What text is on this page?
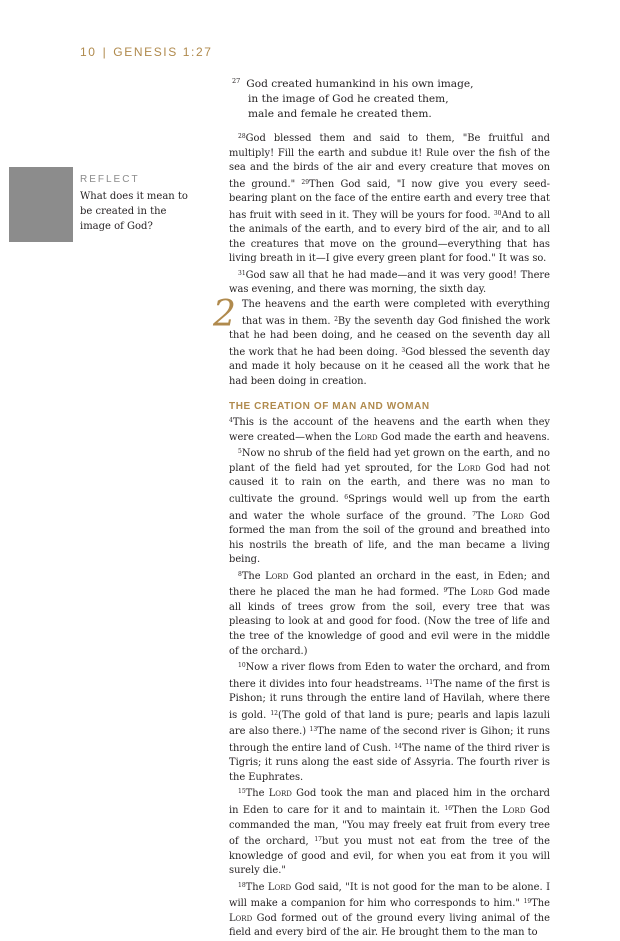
10 | GENESIS 1:27
$^{27}$ God created humankind in his own image,
in the image of God he created them,
male and female he created them.
REFLECT
What does it mean to be created in the image of God?

$^{28}$God blessed them and said to them, "Be fruitful and multiply! Fill the earth and subdue it! Rule over the fish of the sea and the birds of the air and every creature that moves on the ground." $^{29}$Then God said, "I now give you every seed-bearing plant on the face of the entire earth and every tree that has fruit with seed in it. They will be yours for food. $^{30}$And to all the animals of the earth, and to every bird of the air, and to all the creatures that move on the ground—everything that has living breath in it—I give every green plant for food." It was so.

$^{31}$God saw all that he had made—and it was very good! There was evening, and there was morning, the sixth day.

2 The heavens and the earth were completed with everything that was in them. $^2$By the seventh day God finished the work that he had been doing, and he ceased on the seventh day all the work that he had been doing. $^3$God blessed the seventh day and made it holy because on it he ceased all the work that he had been doing in creation.

THE CREATION OF MAN AND WOMAN

$^4$This is the account of the heavens and the earth when they were created—when the Lord God made the earth and heavens.

$^5$Now no shrub of the field had yet grown on the earth, and no plant of the field had yet sprouted, for the Lord God had not caused it to rain on the earth, and there was no man to cultivate the ground. $^6$Springs would well up from the earth and water the whole surface of the ground. $^7$The Lord God formed the man from the soil of the ground and breathed into his nostrils the breath of life, and the man became a living being.

$^8$The Lord God planted an orchard in the east, in Eden; and there he placed the man he had formed. $^9$The Lord God made all kinds of trees grow from the soil, every tree that was pleasing to look at and good for food. (Now the tree of life and the tree of the knowledge of good and evil were in the middle of the orchard.)

$^{10}$Now a river flows from Eden to water the orchard, and from there it divides into four headstreams. $^{11}$The name of the first is Pishon; it runs through the entire land of Havilah, where there is gold. $^{12}$(The gold of that land is pure; pearls and lapis lazuli are also there.) $^{13}$The name of the second river is Gihon; it runs through the entire land of Cush. $^{14}$The name of the third river is Tigris; it runs along the east side of Assyria. The fourth river is the Euphrates.

$^{15}$The Lord God took the man and placed him in the orchard in Eden to care for it and to maintain it. $^{16}$Then the Lord God commanded the man, "You may freely eat fruit from every tree of the orchard, $^{17}$but you must not eat from the tree of the knowledge of good and evil, for when you eat from it you will surely die."

$^{18}$The Lord God said, "It is not good for the man to be alone. I will make a companion for him who corresponds to him." $^{19}$The Lord God formed out of the ground every living animal of the field and every bird of the air. He brought them to the man to
